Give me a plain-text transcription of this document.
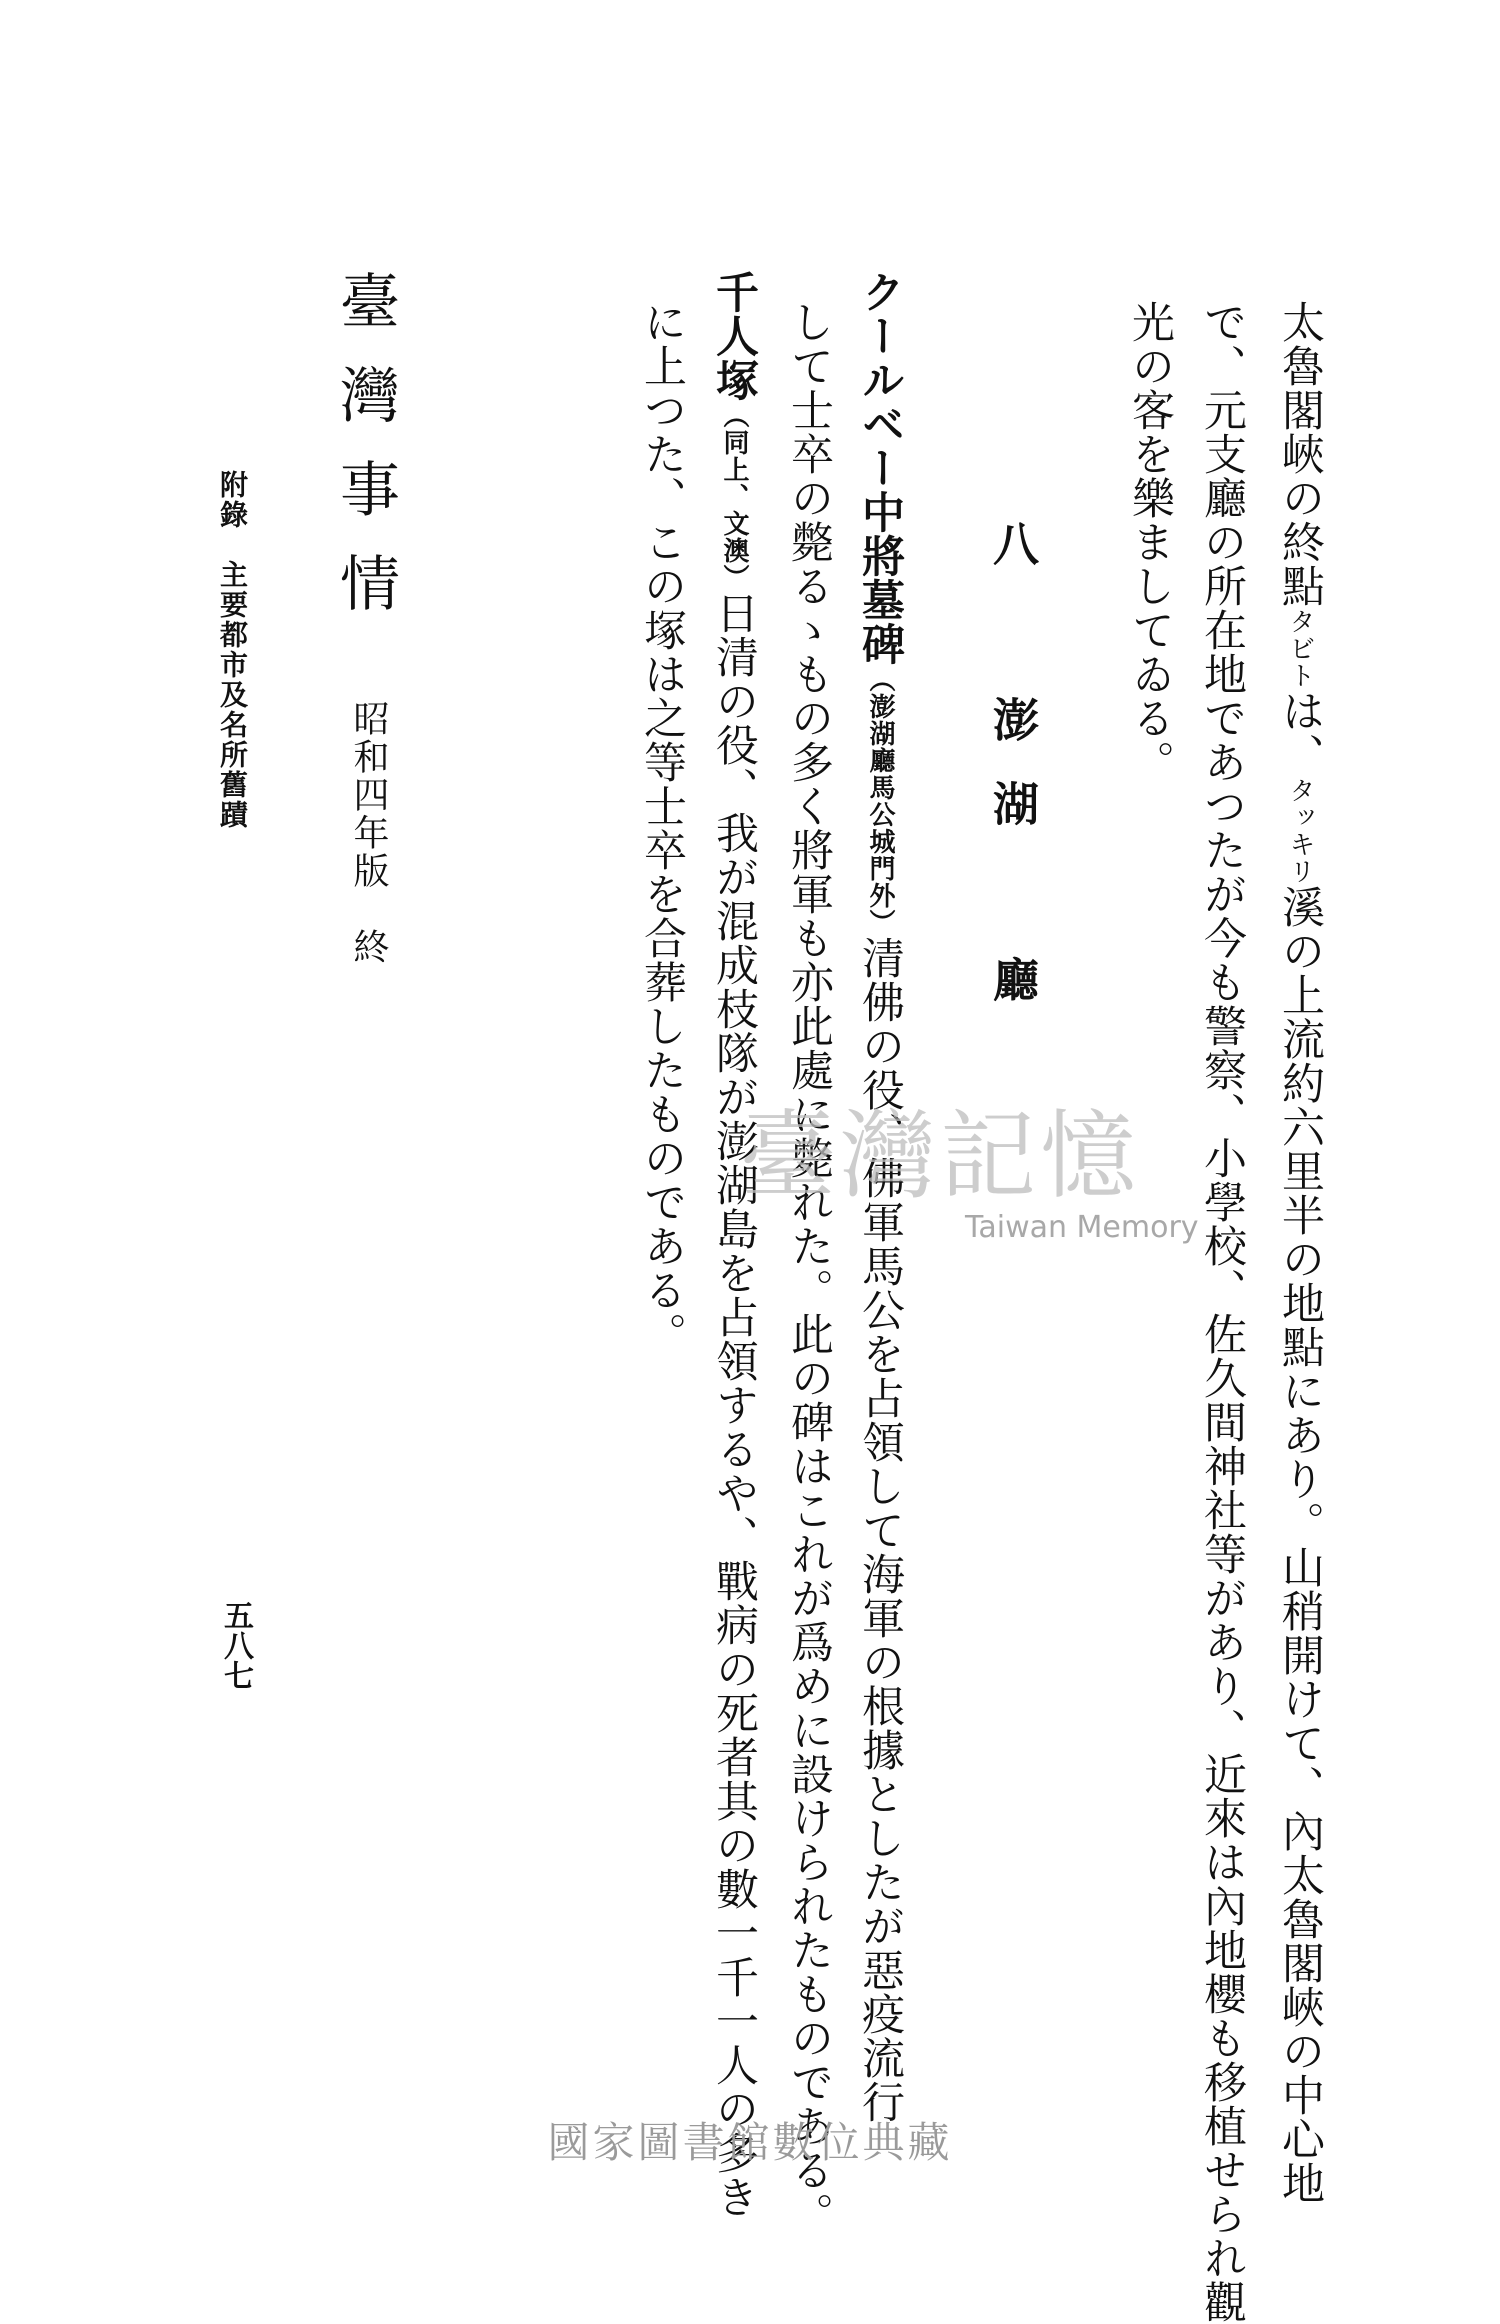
太魯閣峽の終點タビトは、タッキリ溪の上流約六里半の地點にあり。山稍開けて、內太魯閣峽の中心地
で、元支廳の所在地であつたが今も警察、小學校、佐久間神社等があり、近來は內地櫻も移植せられ觀
光の客を樂ましてゐる。
八 澎湖 廳
クールベー中將墓碑（澎湖廳馬公城門外）清佛の役、佛軍馬公を占領して海軍の根據としたが惡疫流行
して士卒の斃るゝもの多く將軍も亦此處に斃れた。此の碑はこれが爲めに設けられたものである。
千人塚（同上、文澳）日清の役、我が混成枝隊が澎湖島を占領するや、戰病の死者其の數一千一人の多き
に上つた、この塚は之等士卒を合葬したものである。
臺灣事情
昭和四年版　終
附錄　主要都市及名所舊蹟
五八七
臺灣記憶
Taiwan Memory
國家圖書館數位典藏
